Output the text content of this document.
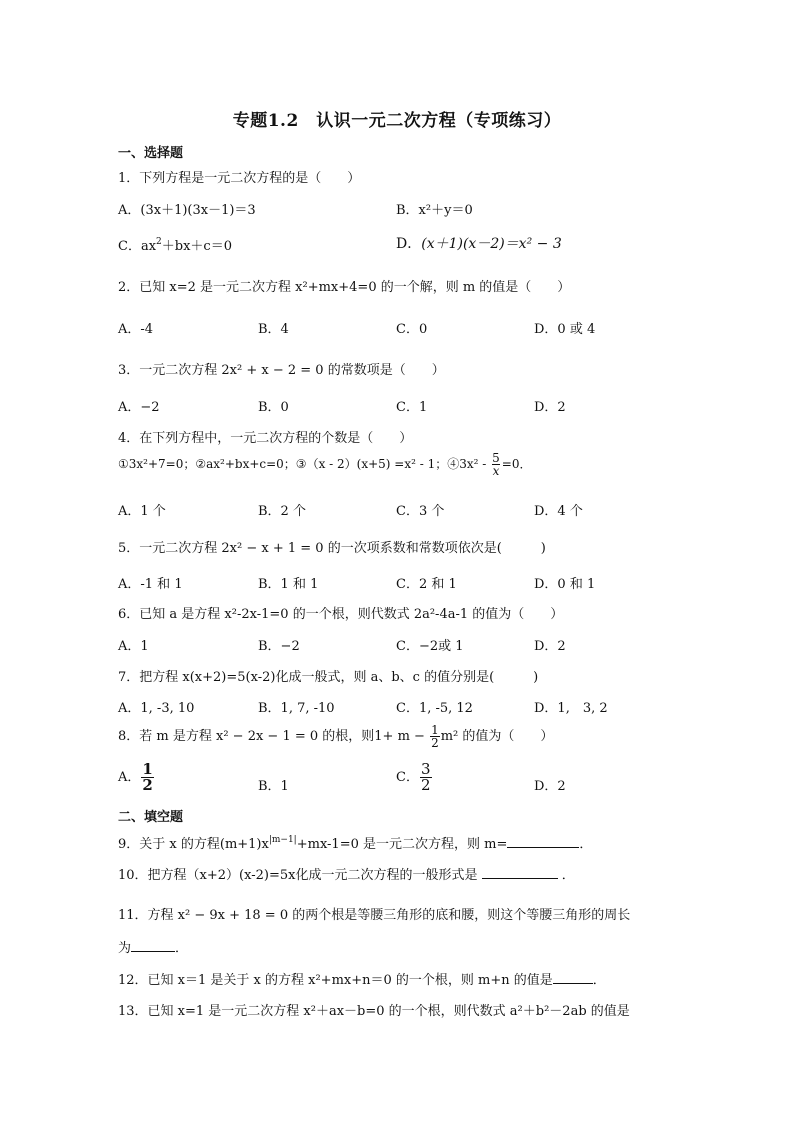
专题1.2　认识一元二次方程（专项练习）
一、选择题
1．下列方程是一元二次方程的是（　　）
A．(3x＋1)(3x－1)＝3	B．x²＋y＝0
C．$ax^2+bx+c=0$	D．(x＋1)(x－2)＝x² − 3
2．已知 x=2 是一元二次方程 x²+mx+4=0 的一个解，则 m 的值是（　　）
A．-4	B．4	C．0	D．0 或 4
3．一元二次方程 2x² + x − 2 = 0 的常数项是（　　）
A．−2	B．0	C．1	D．2
4．在下列方程中，一元二次方程的个数是（　　）
①3x²+7=0；②ax²+bx+c=0；③（x - 2）(x+5) =x² - 1；④3x² - $\frac{5}{x} =0$．
A．1 个	B．2 个	C．3 个	D．4 个
5．一元二次方程 2x² − x + 1 = 0 的一次项系数和常数项依次是(　　　)
A．-1 和 1	B．1 和 1	C．2 和 1	D．0 和 1
6．已知 a 是方程 x²-2x-1=0 的一个根，则代数式 2a²-4a-1 的值为（　　）
A．1	B．−2	C．−2或 1	D．2
7．把方程 x(x+2)=5(x-2)化成一般式，则 a、b、c 的值分别是(　　　)
A．1, -3, 10	B．1, 7, -10	C．1, -5, 12	D．1,　3, 2
8．若 m 是方程 x² − 2x − 1 = 0 的根，则$1+ m - \frac{1}{2} m^2$ 的值为（　　）
A． $\frac{1}{2}$	B．1
C． $\frac{3}{2}$	D．2
二、填空题
9．关于 x 的方程$(m+1)x^{|m-1|}+mx-1=0$ 是一元二次方程，则 m=	．
10．把方程（x+2）(x-2)=5x化成一元二次方程的一般形式是	．
11．方程 x² − 9x + 18 = 0 的两个根是等腰三角形的底和腰，则这个等腰三角形的周长
为	．
12．已知 x＝1 是关于 x 的方程 x²+mx+n＝0 的一个根，则 m+n 的值是	．
13．已知 x=1 是一元二次方程 x²＋ax－b=0 的一个根，则代数式 a²＋b²－2ab 的值是
